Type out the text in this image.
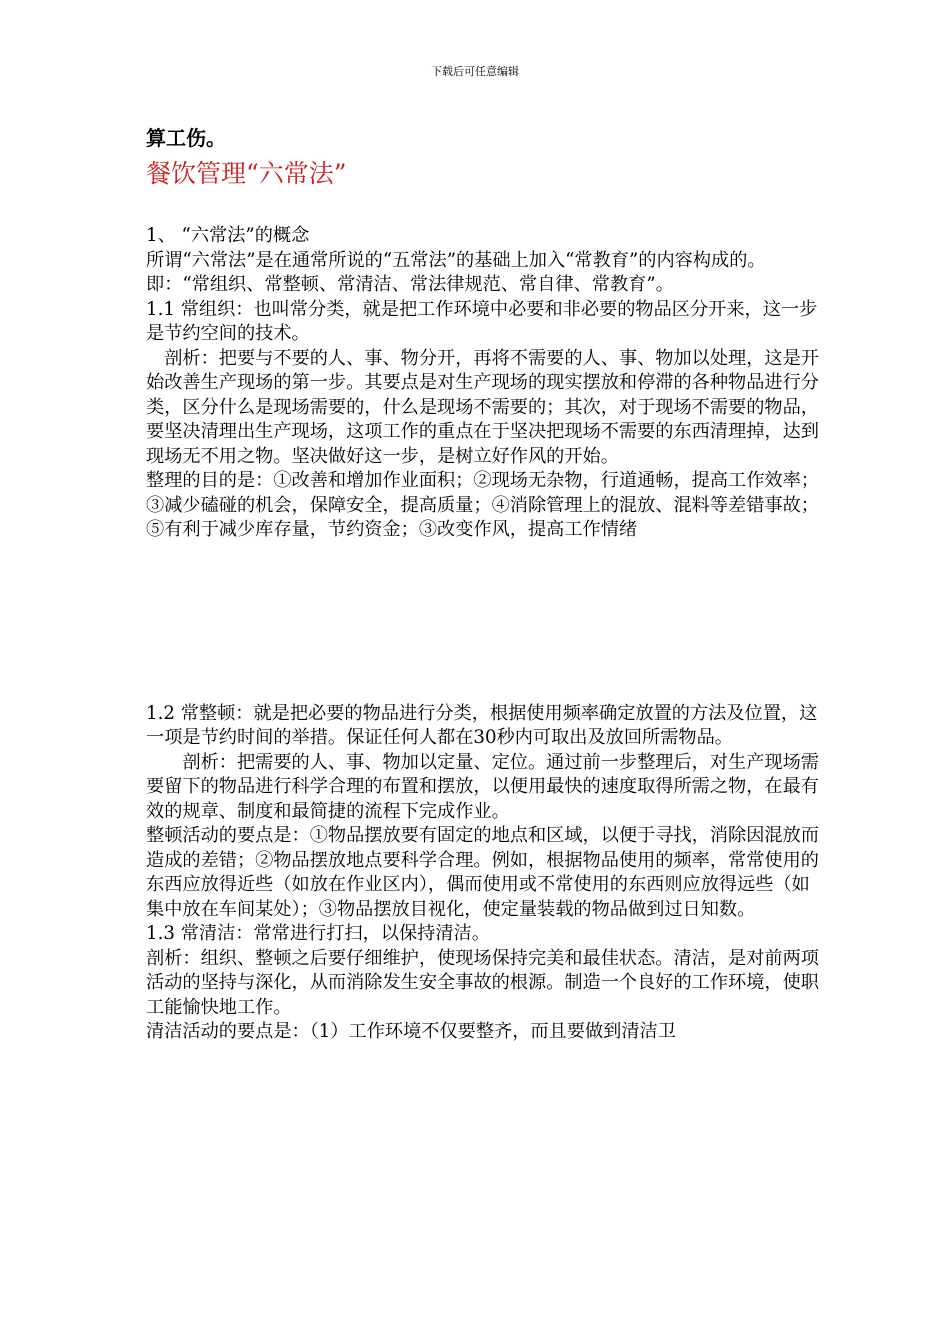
下载后可任意编辑

算工伤。

餐饮管理“六常法”

1、 “六常法”的概念

所谓“六常法”是在通常所说的“五常法”的基础上加入“常教育”的内容构成的。即：“常组织、常整顿、常清洁、常法律规范、常自律、常教育”。

1.1 常组织：也叫常分类，就是把工作环境中必要和非必要的物品区分开来，这一步是节约空间的技术。

　剖析：把要与不要的人、事、物分开，再将不需要的人、事、物加以处理，这是开始改善生产现场的第一步。其要点是对生产现场的现实摆放和停滞的各种物品进行分类，区分什么是现场需要的，什么是现场不需要的；其次，对于现场不需要的物品，要坚决清理出生产现场，这项工作的重点在于坚决把现场不需要的东西清理掉，达到现场无不用之物。坚决做好这一步，是树立好作风的开始。

整理的目的是：①改善和增加作业面积；②现场无杂物，行道通畅，提高工作效率；③减少磕碰的机会，保障安全，提高质量；④消除管理上的混放、混料等差错事故；⑤有利于减少库存量，节约资金；③改变作风，提高工作情绪

1.2 常整顿：就是把必要的物品进行分类，根据使用频率确定放置的方法及位置，这一项是节约时间的举措。保证任何人都在30秒内可取出及放回所需物品。

　　剖析：把需要的人、事、物加以定量、定位。通过前一步整理后，对生产现场需要留下的物品进行科学合理的布置和摆放，以便用最快的速度取得所需之物，在最有效的规章、制度和最简捷的流程下完成作业。

整顿活动的要点是：①物品摆放要有固定的地点和区域，以便于寻找，消除因混放而造成的差错；②物品摆放地点要科学合理。例如，根据物品使用的频率，常常使用的东西应放得近些（如放在作业区内），偶而使用或不常使用的东西则应放得远些（如集中放在车间某处）；③物品摆放目视化，使定量装载的物品做到过日知数。

1.3 常清洁：常常进行打扫，以保持清洁。

剖析：组织、整顿之后要仔细维护，使现场保持完美和最佳状态。清洁，是对前两项活动的坚持与深化，从而消除发生安全事故的根源。制造一个良好的工作环境，使职工能愉快地工作。

清洁活动的要点是：（1）工作环境不仅要整齐，而且要做到清洁卫
